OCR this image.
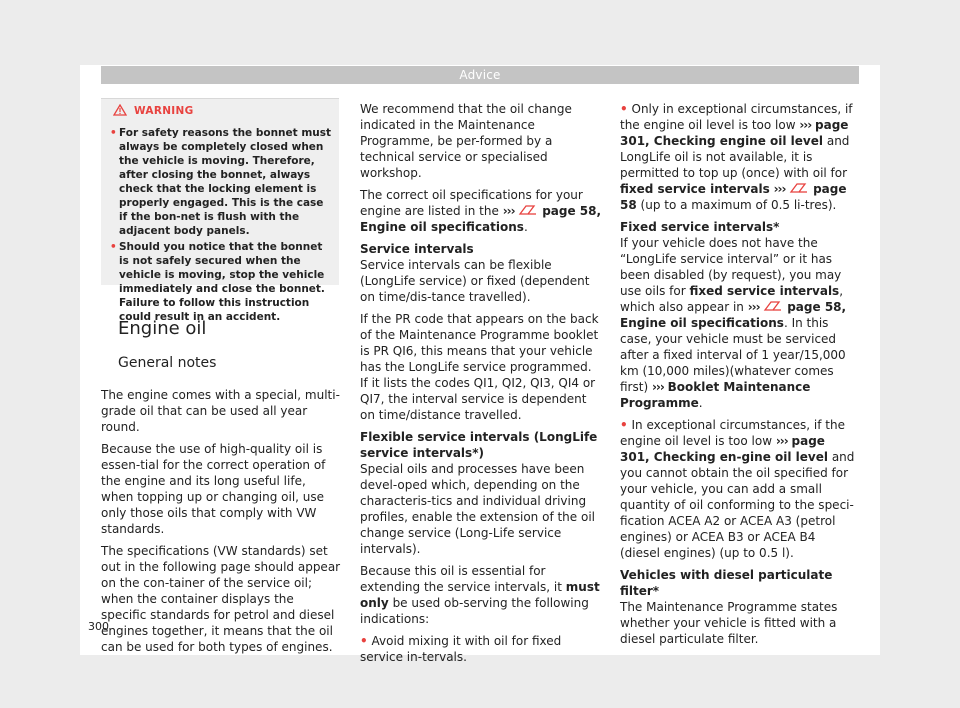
Advice
WARNING
• For safety reasons the bonnet must always be completely closed when the vehicle is moving. Therefore, after closing the bonnet, always check that the locking element is properly engaged. This is the case if the bon-net is flush with the adjacent body panels.
• Should you notice that the bonnet is not safely secured when the vehicle is moving, stop the vehicle immediately and close the bonnet. Failure to follow this instruction could result in an accident.
Engine oil
General notes

The engine comes with a special, multi-grade oil that can be used all year round.

Because the use of high-quality oil is essen-tial for the correct operation of the engine and its long useful life, when topping up or changing oil, use only those oils that comply with VW standards.

The specifications (VW standards) set out in the following page should appear on the con-tainer of the service oil; when the container displays the specific standards for petrol and diesel engines together, it means that the oil can be used for both types of engines.

We recommend that the oil change indicated in the Maintenance Programme, be per-formed by a technical service or specialised workshop.

The correct oil specifications for your engine are listed in the ››› page 58, Engine oil specifications.

Service intervals

Service intervals can be flexible (LongLife service) or fixed (dependent on time/dis-tance travelled).

If the PR code that appears on the back of the Maintenance Programme booklet is PR QI6, this means that your vehicle has the LongLife service programmed. If it lists the codes QI1, QI2, QI3, QI4 or QI7, the interval service is dependent on time/distance travelled.

Flexible service intervals (LongLife service intervals*)

Special oils and processes have been devel-oped which, depending on the characteris-tics and individual driving profiles, enable the extension of the oil change service (Long-Life service intervals).

Because this oil is essential for extending the service intervals, it must only be used ob-serving the following indications:

• Avoid mixing it with oil for fixed service in-tervals.

• Only in exceptional circumstances, if the engine oil level is too low ››› page 301, Checking engine oil level and LongLife oil is not available, it is permitted to top up (once) with oil for fixed service intervals ››› page 58 (up to a maximum of 0.5 li-tres).

Fixed service intervals*

If your vehicle does not have the “LongLife service interval” or it has been disabled (by request), you may use oils for fixed service intervals, which also appear in ››› page 58, Engine oil specifications. In this case, your vehicle must be serviced after a fixed interval of 1 year/15,000 km (10,000 miles)(whatever comes first) ››› Booklet Maintenance Programme.

• In exceptional circumstances, if the engine oil level is too low ››› page 301, Checking en-gine oil level and you cannot obtain the oil specified for your vehicle, you can add a small quantity of oil conforming to the speci-fication ACEA A2 or ACEA A3 (petrol engines) or ACEA B3 or ACEA B4 (diesel engines) (up to 0.5 l).

Vehicles with diesel particulate filter*

The Maintenance Programme states whether your vehicle is fitted with a diesel particulate filter.

300
